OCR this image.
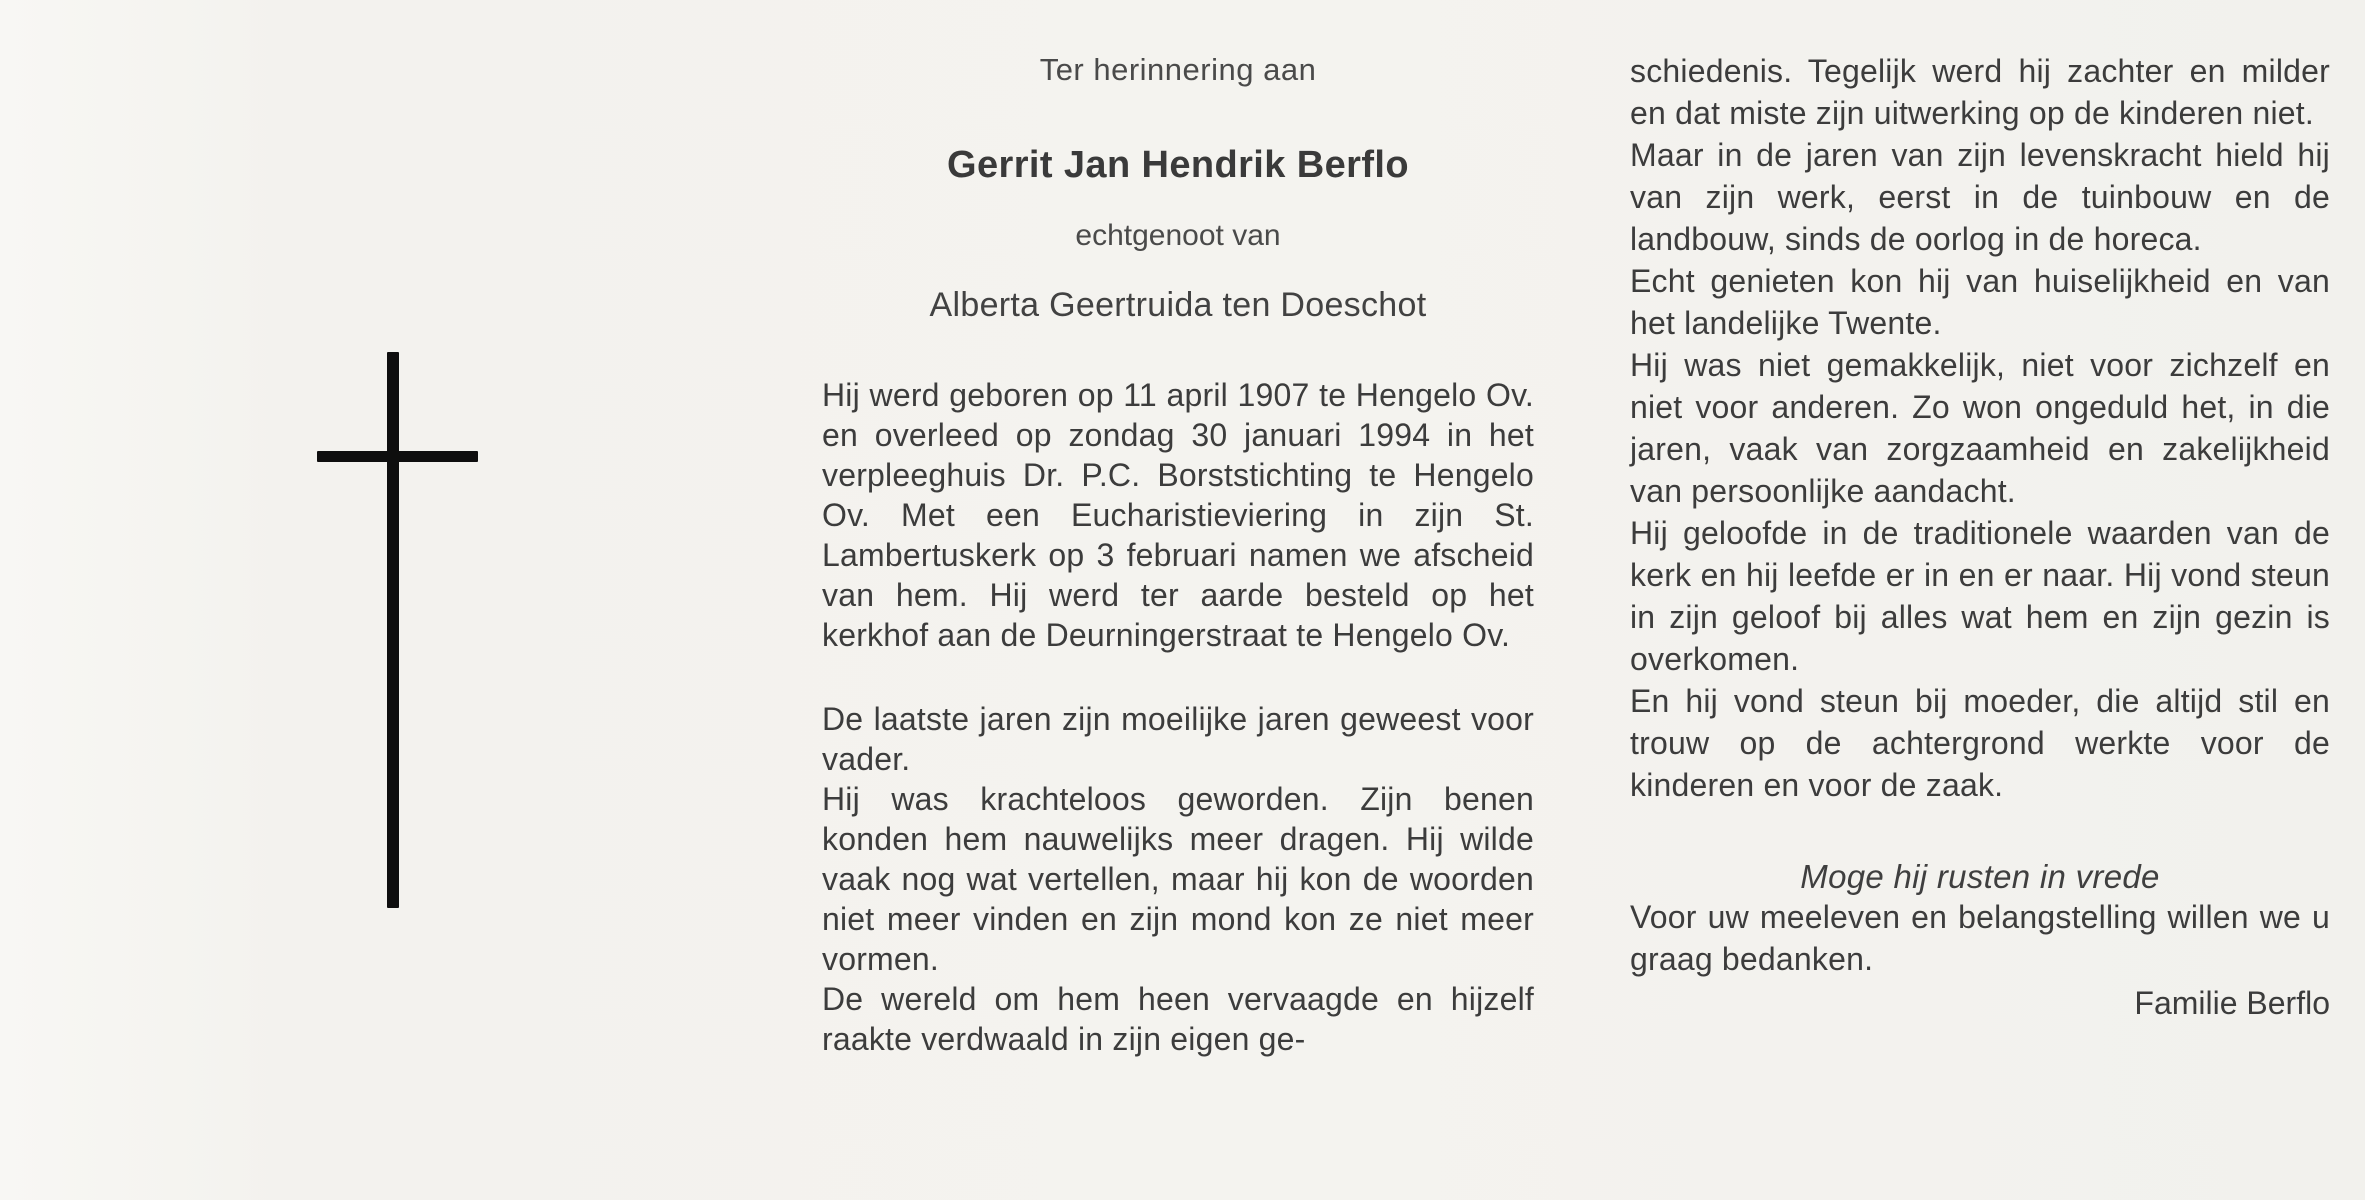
Ter herinnering aan
Gerrit Jan Hendrik Berflo
echtgenoot van
Alberta Geertruida ten Doeschot

Hij werd geboren op 11 april 1907 te Hengelo Ov. en overleed op zondag 30 januari 1994 in het verpleeghuis Dr. P.C. Borststichting te Hengelo Ov. Met een Eucharistieviering in zijn St. Lambertuskerk op 3 februari namen we afscheid van hem. Hij werd ter aarde besteld op het kerkhof aan de Deurningerstraat te Hengelo Ov.

De laatste jaren zijn moeilijke jaren geweest voor vader.

Hij was krachteloos geworden. Zijn benen konden hem nauwelijks meer dragen. Hij wilde vaak nog wat vertellen, maar hij kon de woorden niet meer vinden en zijn mond kon ze niet meer vormen.

De wereld om hem heen vervaagde en hijzelf raakte verdwaald in zijn eigen ge-

schiedenis. Tegelijk werd hij zachter en milder en dat miste zijn uitwerking op de kinderen niet.

Maar in de jaren van zijn levenskracht hield hij van zijn werk, eerst in de tuinbouw en de landbouw, sinds de oorlog in de horeca.

Echt genieten kon hij van huiselijkheid en van het landelijke Twente.

Hij was niet gemakkelijk, niet voor zichzelf en niet voor anderen. Zo won ongeduld het, in die jaren, vaak van zorgzaamheid en zakelijkheid van persoonlijke aandacht.

Hij geloofde in de traditionele waarden van de kerk en hij leefde er in en er naar. Hij vond steun in zijn geloof bij alles wat hem en zijn gezin is overkomen.

En hij vond steun bij moeder, die altijd stil en trouw op de achtergrond werkte voor de kinderen en voor de zaak.

Moge hij rusten in vrede

Voor uw meeleven en belangstelling willen we u graag bedanken.

Familie Berflo
